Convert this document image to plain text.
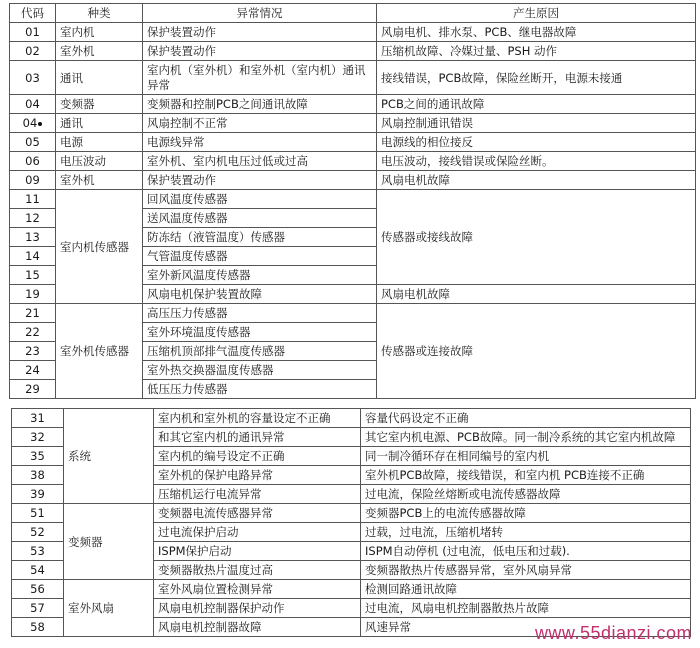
代码	种类	异常情况	产生原因
01	室内机	保护装置动作	风扇电机、排水泵、PCB、继电器故障
02	室外机	保护装置动作	压缩机故障、冷媒过量、PSH 动作
03	通讯	室内机（室外机）和室外机（室内机）通讯异常	接线错误，PCB故障，保险丝断开，电源未接通
04	变频器	变频器和控制PCB之间通讯故障	PCB之间的通讯故障
04	通讯	风扇控制不正常	风扇控制通讯错误
05	电源	电源线异常	电源线的相位接反
06	电压波动	室外机、室内机电压过低或过高	电压波动，接线错误或保险丝断。
09	室外机	保护装置动作	风扇电机故障
11	室内机传感器	回风温度传感器	传感器或接线故障
12		送风温度传感器	
13		防冻结（液管温度）传感器	
14		气管温度传感器	
15		室外新风温度传感器	
19		风扇电机保护装置故障	风扇电机故障
21	室外机传感器	高压压力传感器	传感器或连接故障
22		室外环境温度传感器	
23		压缩机顶部排气温度传感器	
24		室外热交换器温度传感器	
29		低压压力传感器	
31	系统	室内机和室外机的容量设定不正确	容量代码设定不正确
32		和其它室内机的通讯异常	其它室内机电源、PCB故障。同一制冷系统的其它室内机故障
35		室内机的编号设定不正确	同一制冷循环存在相同编号的室内机
38		室外机的保护电路异常	室外机PCB故障，接线错误，和室内机 PCB连接不正确
39		压缩机运行电流异常	过电流，保险丝熔断或电流传感器故障
51	变频器	变频器电流传感器异常	变频器PCB上的电流传感器故障
52		过电流保护启动	过载，过电流，压缩机堵转
53		ISPM保护启动	ISPM自动停机 (过电流，低电压和过载).
54		变频器散热片温度过高	变频器散热片传感器异常，室外风扇异常
56	室外风扇	室外风扇位置检测异常	检测回路通讯故障
57		风扇电机控制器保护动作	过电流，风扇电机控制器散热片故障
58		风扇电机控制器故障	风速异常	www.55dianzi.com
